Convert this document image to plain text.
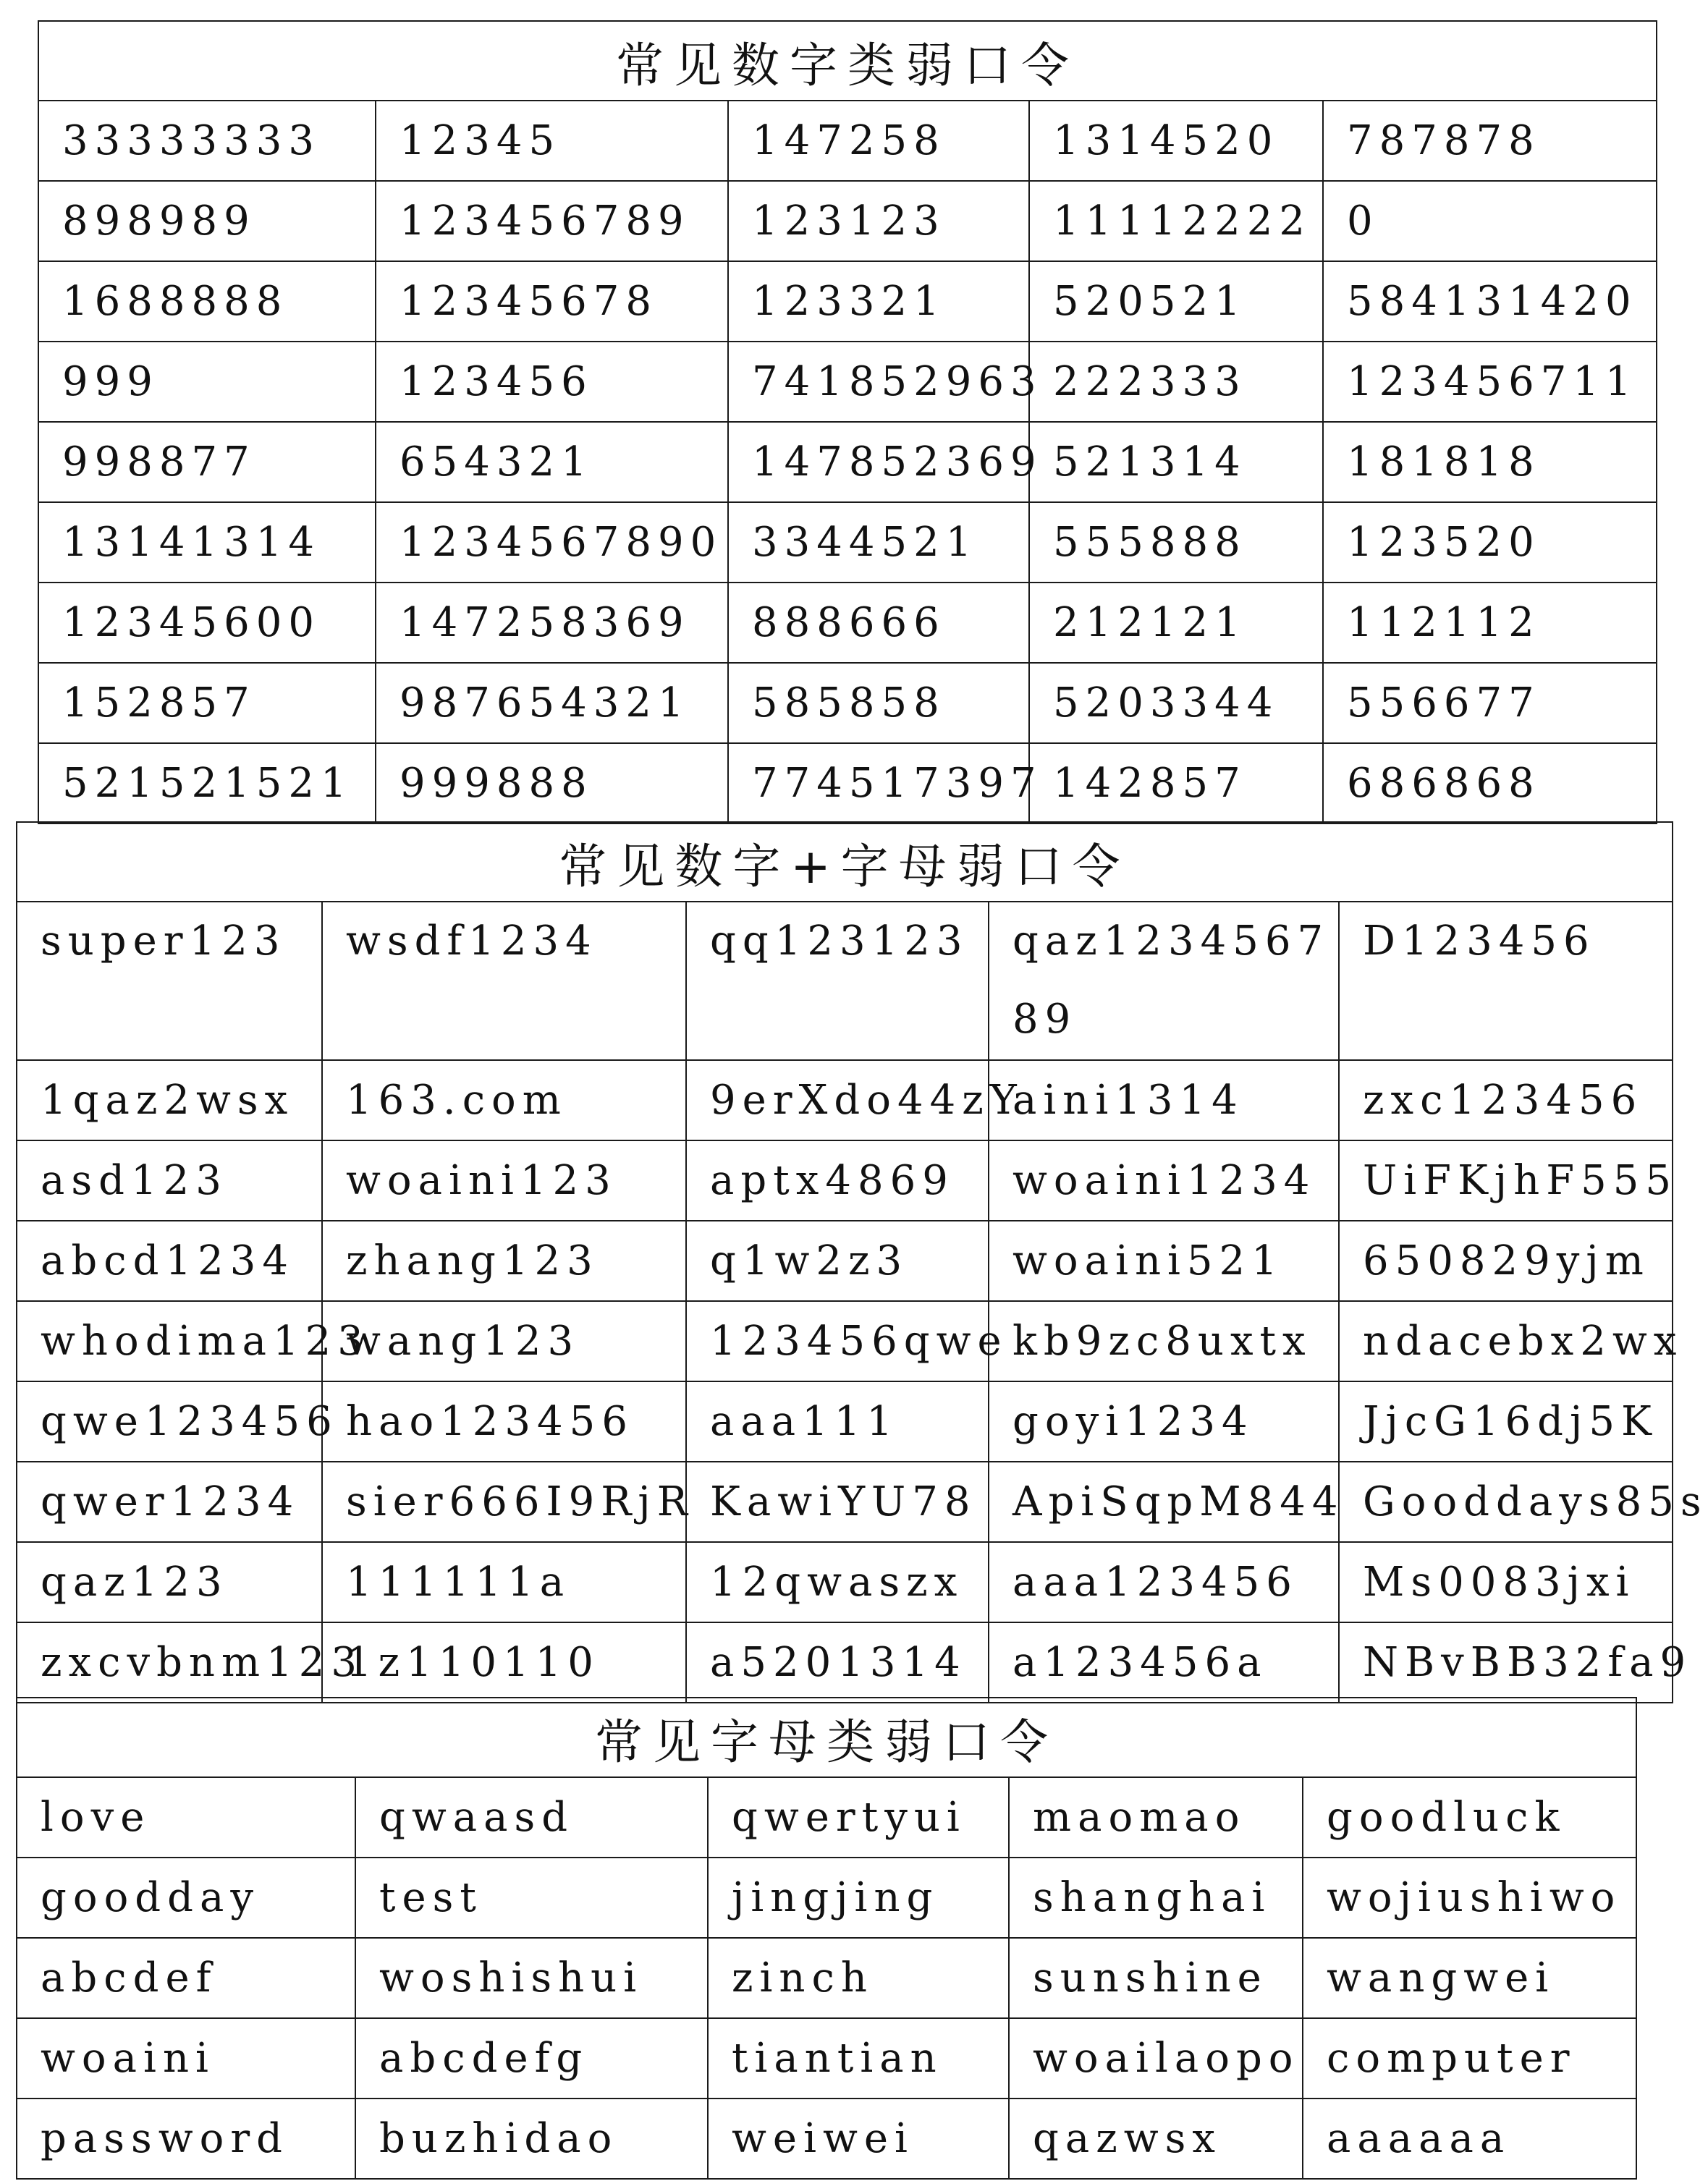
常见数字类弱口令				
33333333	12345	147258	1314520	787878
898989	123456789	123123	11112222	0
1688888	12345678	123321	520521	584131420
999	123456	741852963	222333	123456711
998877	654321	147852369	521314	181818
13141314	1234567890	3344521	555888	123520
12345600	147258369	888666	212121	112112
152857	987654321	585858	5203344	556677
521521521	999888	774517397	142857	686868
常见数字+字母弱口令				
super123	wsdf1234	qq123123	qaz123456789	D123456
1qaz2wsx	163.com	9erXdo44zY	aini1314	zxc123456
asd123	woaini123	aptx4869	woaini1234	UiFKjhF555
abcd1234	zhang123	q1w2z3	woaini521	650829yjm
whodima123	wang123	123456qwe	kb9zc8uxtx	ndacebx2wx
qwe123456	hao123456	aaa111	goyi1234	JjcG16dj5K
qwer1234	sier666I9RjR	KawiYU78	ApiSqpM844	Gooddays85s
qaz123	111111a	12qwaszx	aaa123456	Ms0083jxi
zxcvbnm123	1z110110	a5201314	a123456a	NBvBB32fa9
常见字母类弱口令				
love	qwaasd	qwertyui	maomao	goodluck
goodday	test	jingjing	shanghai	wojiushiwo
abcdef	woshishui	zinch	sunshine	wangwei
woaini	abcdefg	tiantian	woailaopo	computer
password	buzhidao	weiwei	qazwsx	aaaaaa
